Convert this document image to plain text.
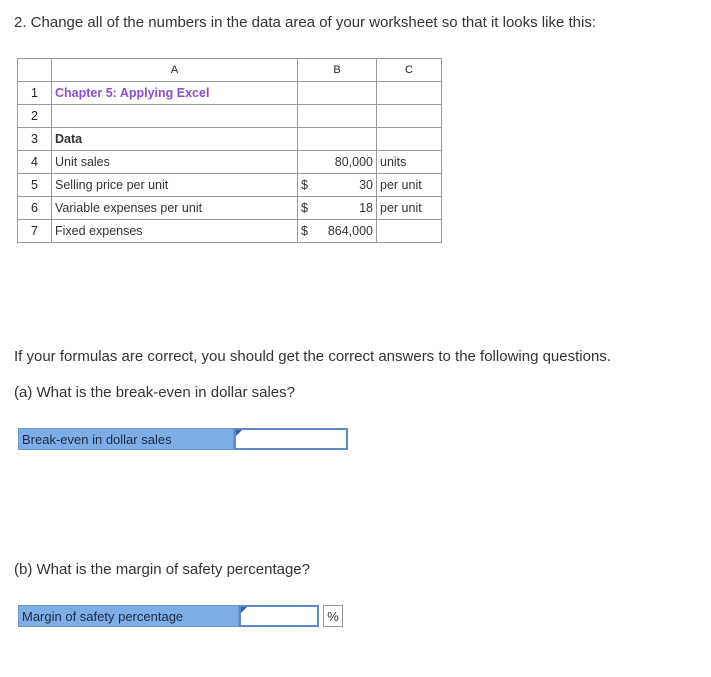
2. Change all of the numbers in the data area of your worksheet so that it looks like this:
	A	B	C
1	Chapter 5: Applying Excel		
2			
3	Data		
4	Unit sales	80,000	units
5	Selling price per unit	$ 30	per unit
6	Variable expenses per unit	$ 18	per unit
7	Fixed expenses	$ 864,000	

If your formulas are correct, you should get the correct answers to the following questions.
(a) What is the break-even in dollar sales?
Break-even in dollar sales
(b) What is the margin of safety percentage?
Margin of safety percentage	%
